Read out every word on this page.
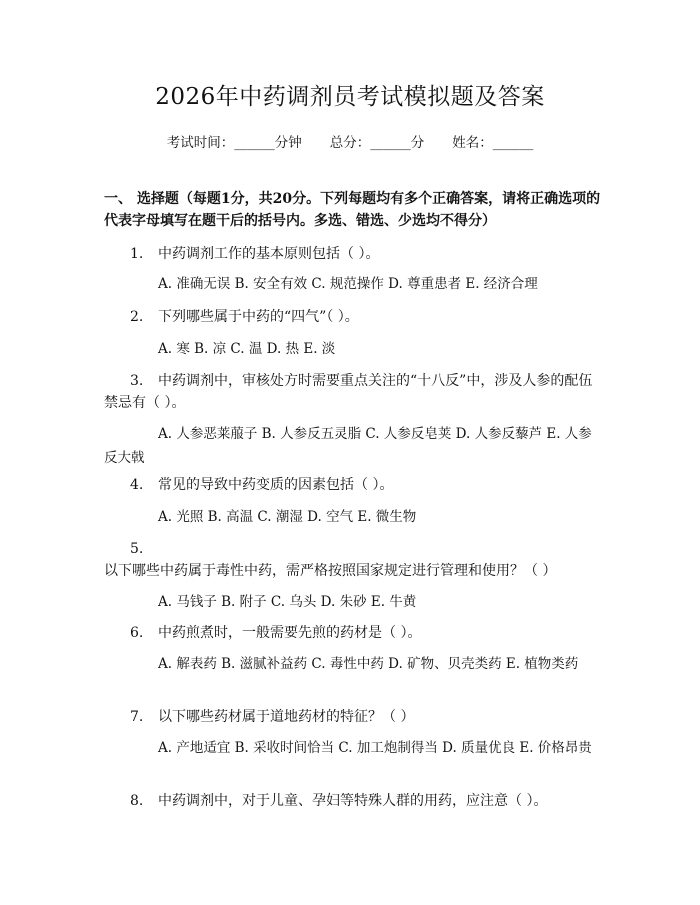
2026年中药调剂员考试模拟题及答案
考试时间：______分钟 总分：______分 姓名：______
一、 选择题（每题1分，共20分。下列每题均有多个正确答案，请将正确选项的代表字母填写在题干后的括号内。多选、错选、少选均不得分）
1. 中药调剂工作的基本原则包括（ ）。
A. 准确无误 B. 安全有效 C. 规范操作 D. 尊重患者 E. 经济合理
2. 下列哪些属于中药的“四气”（ ）。
A. 寒 B. 凉 C. 温 D. 热 E. 淡
3. 中药调剂中，审核处方时需要重点关注的“十八反”中，涉及人参的配伍禁忌有（ ）。
A. 人参恶莱菔子 B. 人参反五灵脂 C. 人参反皂荚 D. 人参反藜芦 E. 人参反大戟
4. 常见的导致中药变质的因素包括（ ）。
A. 光照 B. 高温 C. 潮湿 D. 空气 E. 微生物
5.以下哪些中药属于毒性中药，需严格按照国家规定进行管理和使用？（ ）
A. 马钱子 B. 附子 C. 乌头 D. 朱砂 E. 牛黄
6. 中药煎煮时，一般需要先煎的药材是（ ）。
A. 解表药 B. 滋腻补益药 C. 毒性中药 D. 矿物、贝壳类药 E. 植物类药
7. 以下哪些药材属于道地药材的特征？（ ）
A. 产地适宜 B. 采收时间恰当 C. 加工炮制得当 D. 质量优良 E. 价格昂贵
8. 中药调剂中，对于儿童、孕妇等特殊人群的用药，应注意（ ）。
